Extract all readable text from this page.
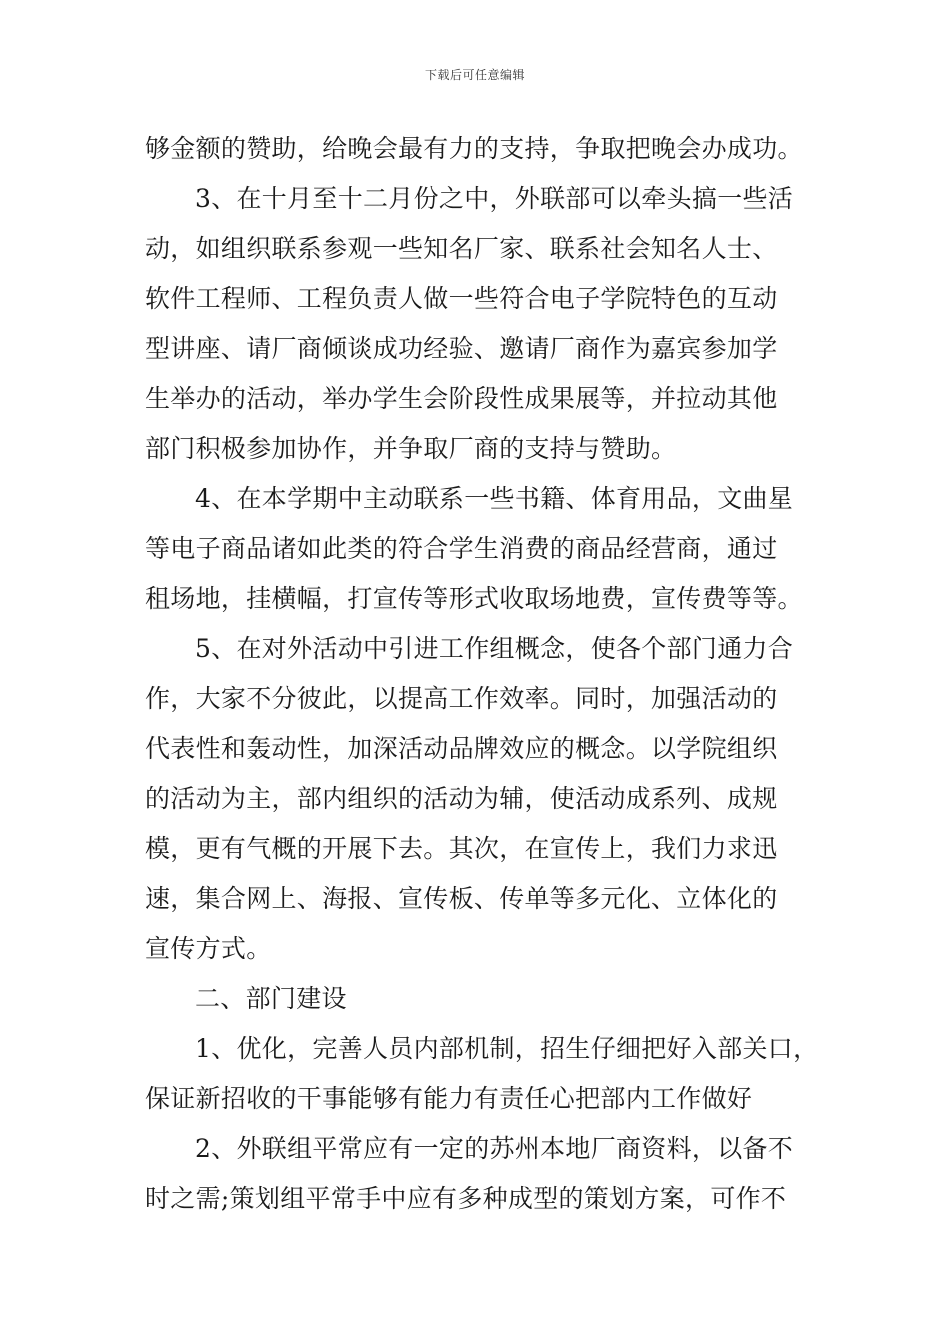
下载后可任意编辑
够金额的赞助，给晚会最有力的支持，争取把晚会办成功。
3、在十月至十二月份之中，外联部可以牵头搞一些活
动，如组织联系参观一些知名厂家、联系社会知名人士、
软件工程师、工程负责人做一些符合电子学院特色的互动
型讲座、请厂商倾谈成功经验、邀请厂商作为嘉宾参加学
生举办的活动，举办学生会阶段性成果展等，并拉动其他
部门积极参加协作，并争取厂商的支持与赞助。
4、在本学期中主动联系一些书籍、体育用品，文曲星
等电子商品诸如此类的符合学生消费的商品经营商，通过
租场地，挂横幅，打宣传等形式收取场地费，宣传费等等。
5、在对外活动中引进工作组概念，使各个部门通力合
作，大家不分彼此，以提高工作效率。同时，加强活动的
代表性和轰动性，加深活动品牌效应的概念。以学院组织
的活动为主，部内组织的活动为辅，使活动成系列、成规
模，更有气概的开展下去。其次，在宣传上，我们力求迅
速，集合网上、海报、宣传板、传单等多元化、立体化的
宣传方式。
二、部门建设
1、优化，完善人员内部机制，招生仔细把好入部关口，
保证新招收的干事能够有能力有责任心把部内工作做好
2、外联组平常应有一定的苏州本地厂商资料，以备不
时之需;策划组平常手中应有多种成型的策划方案，可作不
